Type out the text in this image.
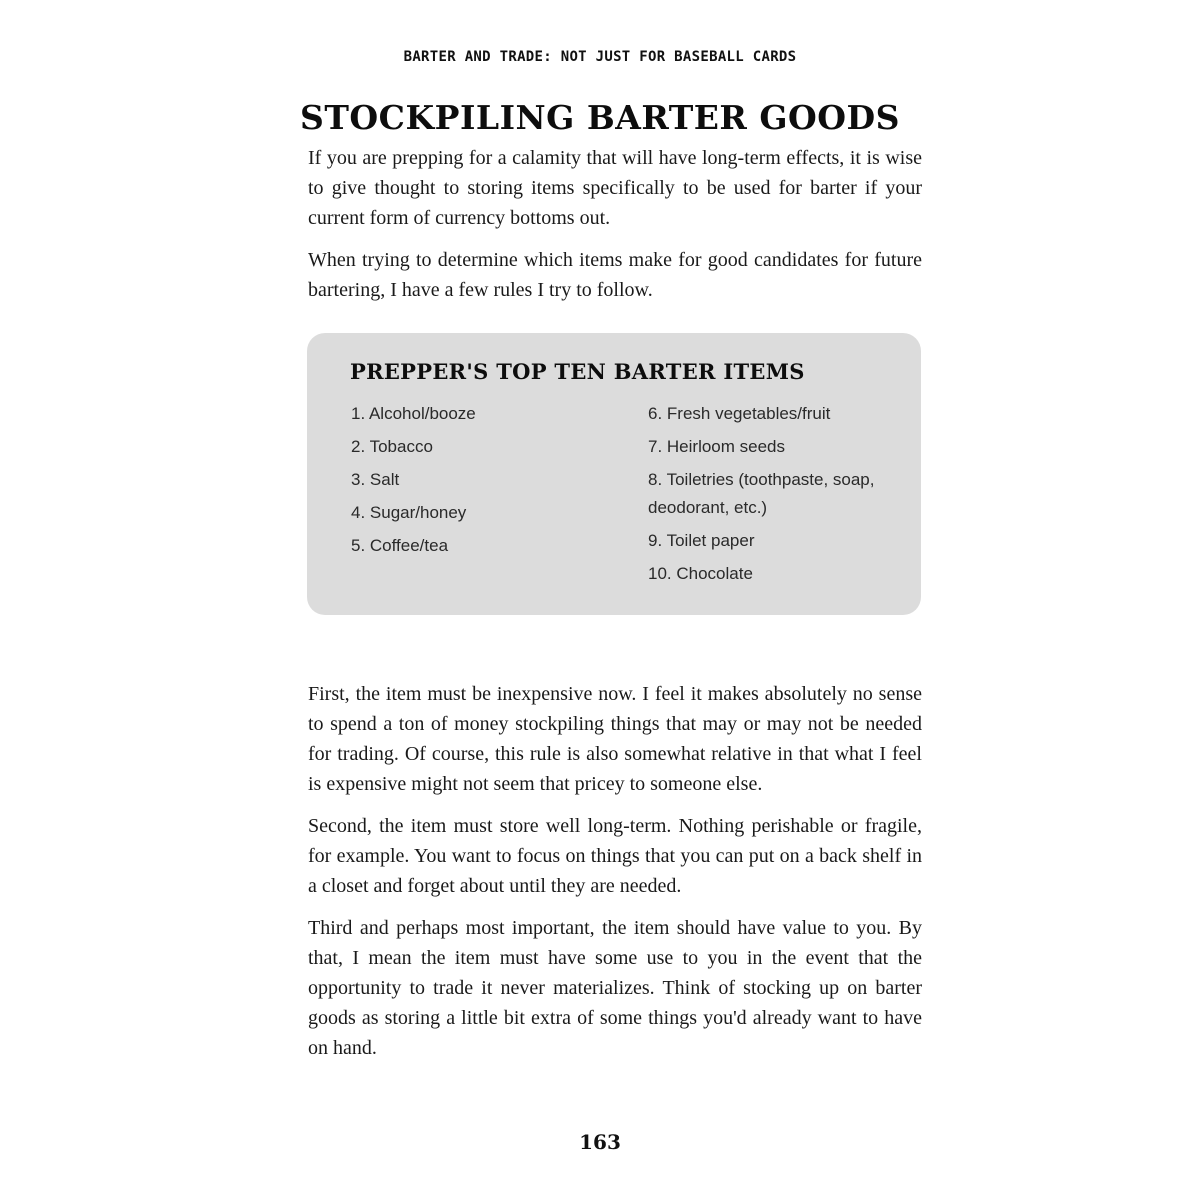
BARTER AND TRADE: NOT JUST FOR BASEBALL CARDS
STOCKPILING BARTER GOODS

If you are prepping for a calamity that will have long-term effects, it is wise to give thought to storing items specifically to be used for barter if your current form of currency bottoms out.

When trying to determine which items make for good candidates for future bartering, I have a few rules I try to follow.

PREPPER'S TOP TEN BARTER ITEMS
1. Alcohol/booze
2. Tobacco
3. Salt
4. Sugar/honey
5. Coffee/tea
6. Fresh vegetables/fruit
7. Heirloom seeds
8. Toiletries (toothpaste, soap, deodorant, etc.)
9. Toilet paper
10. Chocolate

First, the item must be inexpensive now. I feel it makes absolutely no sense to spend a ton of money stockpiling things that may or may not be needed for trading. Of course, this rule is also somewhat relative in that what I feel is expensive might not seem that pricey to someone else.

Second, the item must store well long-term. Nothing perishable or fragile, for example. You want to focus on things that you can put on a back shelf in a closet and forget about until they are needed.

Third and perhaps most important, the item should have value to you. By that, I mean the item must have some use to you in the event that the opportunity to trade it never materializes. Think of stocking up on barter goods as storing a little bit extra of some things you'd already want to have on hand.

163
